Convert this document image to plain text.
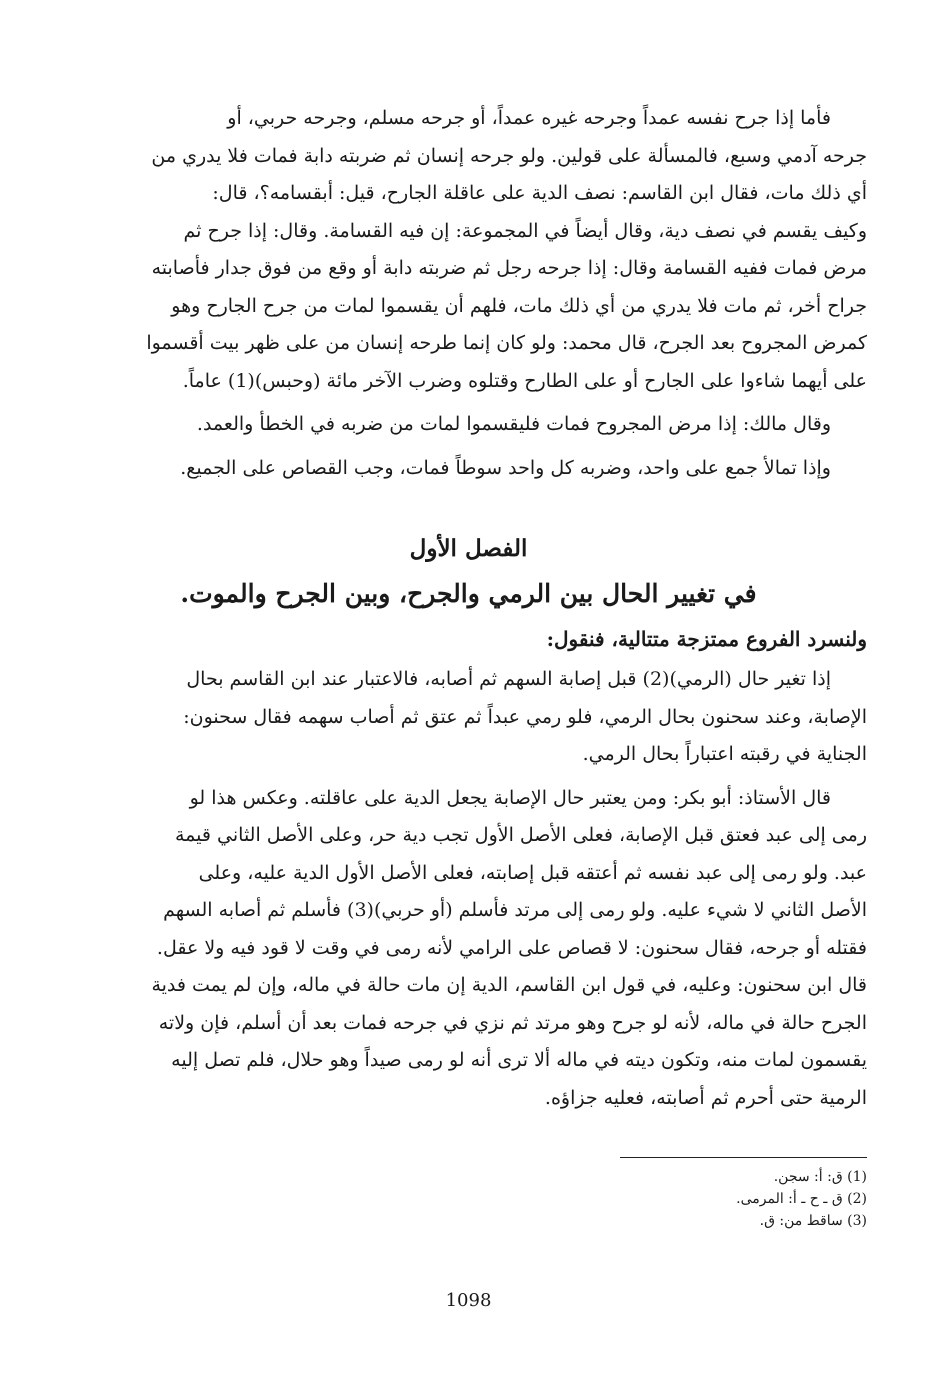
فأما إذا جرح نفسه عمداً وجرحه غيره عمداً، أو جرحه مسلم، وجرحه حربي، أو
جرحه آدمي وسبع، فالمسألة على قولين. ولو جرحه إنسان ثم ضربته دابة فمات فلا يدري من
أي ذلك مات، فقال ابن القاسم: نصف الدية على عاقلة الجارح، قيل: أبقسامه؟، قال:
وكيف يقسم في نصف دية، وقال أيضاً في المجموعة: إن فيه القسامة. وقال: إذا جرح ثم
مرض فمات ففيه القسامة وقال: إذا جرحه رجل ثم ضربته دابة أو وقع من فوق جدار فأصابته
جراح أخر، ثم مات فلا يدري من أي ذلك مات، فلهم أن يقسموا لمات من جرح الجارح وهو
كمرض المجروح بعد الجرح، قال محمد: ولو كان إنما طرحه إنسان من على ظهر بيت أقسموا
على أيهما شاءوا على الجارح أو على الطارح وقتلوه وضرب الآخر مائة (وحبس)(1) عاماً.
وقال مالك: إذا مرض المجروح فمات فليقسموا لمات من ضربه في الخطأ والعمد.
وإذا تمالأ جمع على واحد، وضربه كل واحد سوطاً فمات، وجب القصاص على الجميع.

الفصل الأول

في تغيير الحال بين الرمي والجرح، وبين الجرح والموت.

ولنسرد الفروع ممتزجة متتالية، فنقول:

إذا تغير حال (الرمي)(2) قبل إصابة السهم ثم أصابه، فالاعتبار عند ابن القاسم بحال
الإصابة، وعند سحنون بحال الرمي، فلو رمي عبداً ثم عتق ثم أصاب سهمه فقال سحنون:
الجناية في رقبته اعتباراً بحال الرمي.
قال الأستاذ: أبو بكر: ومن يعتبر حال الإصابة يجعل الدية على عاقلته. وعكس هذا لو
رمى إلى عبد فعتق قبل الإصابة، فعلى الأصل الأول تجب دية حر، وعلى الأصل الثاني قيمة
عبد. ولو رمى إلى عبد نفسه ثم أعتقه قبل إصابته، فعلى الأصل الأول الدية عليه، وعلى
الأصل الثاني لا شيء عليه. ولو رمى إلى مرتد فأسلم (أو حربي)(3) فأسلم ثم أصابه السهم
فقتله أو جرحه، فقال سحنون: لا قصاص على الرامي لأنه رمى في وقت لا قود فيه ولا عقل.
قال ابن سحنون: وعليه، في قول ابن القاسم، الدية إن مات حالة في ماله، وإن لم يمت فدية
الجرح حالة في ماله، لأنه لو جرح وهو مرتد ثم نزي في جرحه فمات بعد أن أسلم، فإن ولاته
يقسمون لمات منه، وتكون ديته في ماله ألا ترى أنه لو رمى صيداً وهو حلال، فلم تصل إليه
الرمية حتى أحرم ثم أصابته، فعليه جزاؤه.
(1) ق: أ: سجن.
(2) ق ـ ح ـ أ: المرمى.
(3) ساقط من: ق.
1098
